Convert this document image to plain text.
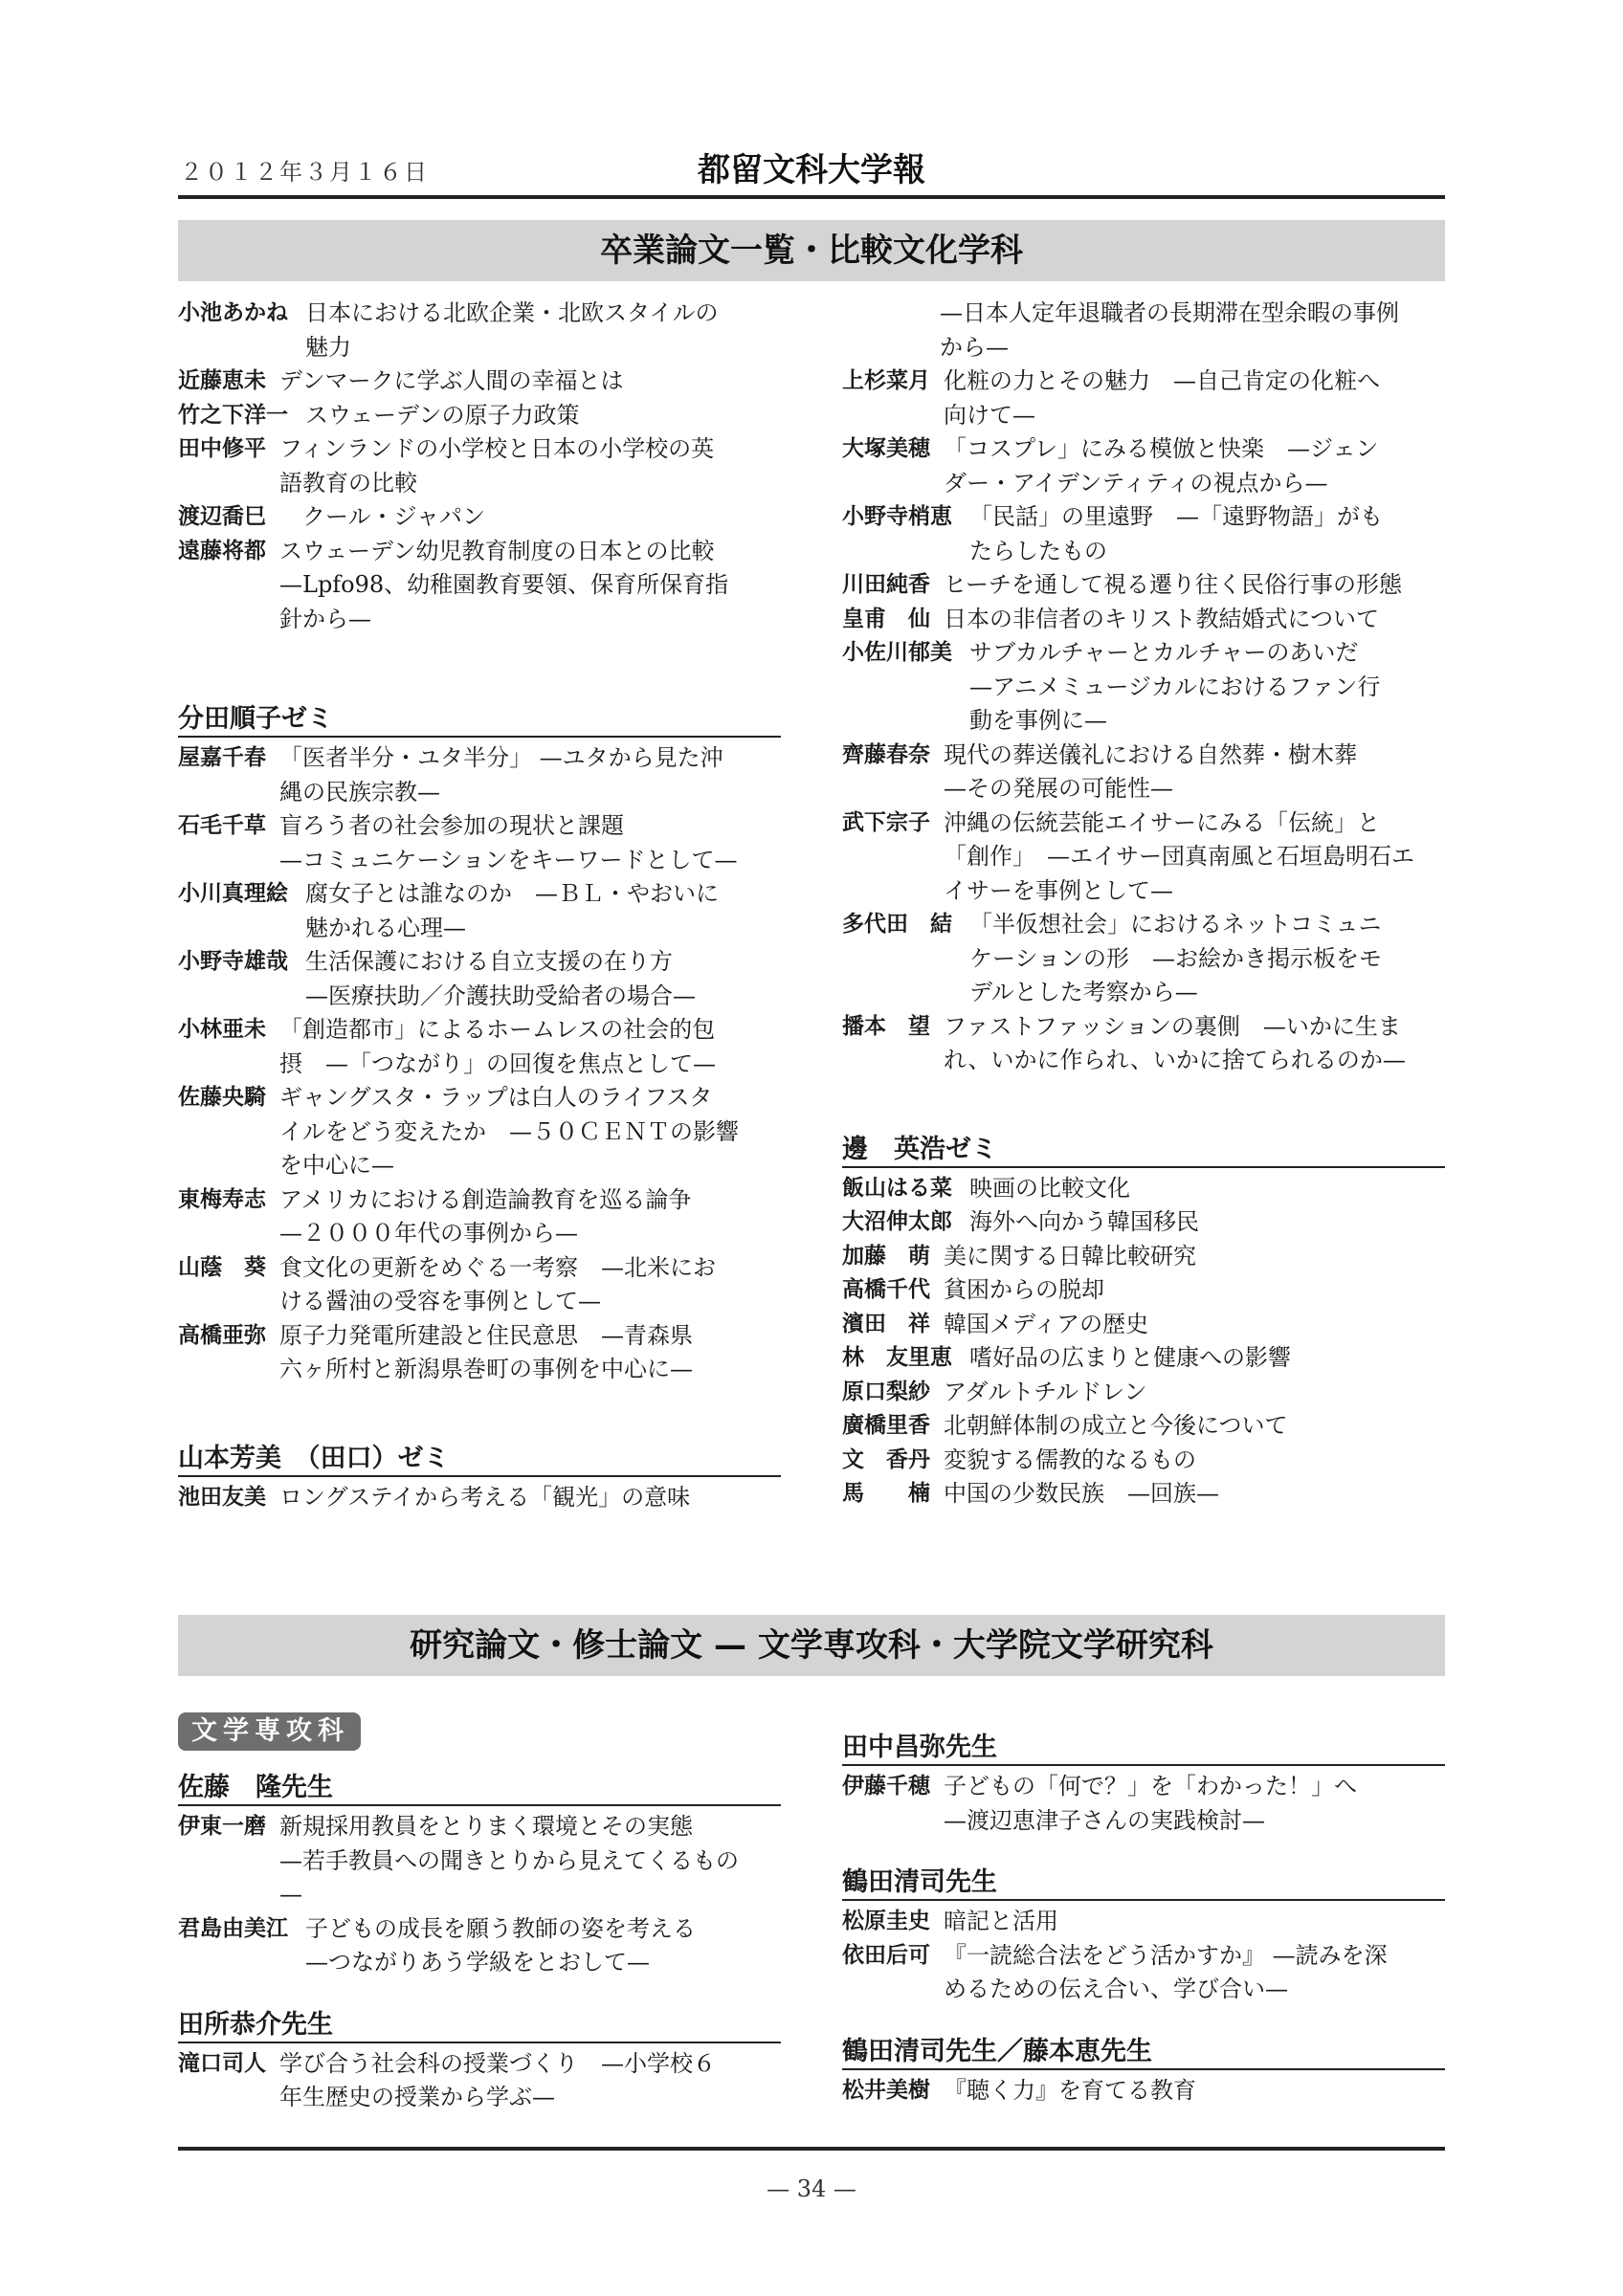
２０１２年３月１６日	都留文科大学報
卒業論文一覧・比較文化学科
小池あかね 日本における北欧企業・北欧スタイルの
魅力
近藤恵未 デンマークに学ぶ人間の幸福とは
竹之下洋一 スウェーデンの原子力政策
田中修平 フィンランドの小学校と日本の小学校の英
語教育の比較
渡辺喬巳 　クール・ジャパン
遠藤将都 スウェーデン幼児教育制度の日本との比較
—Lpfo98、幼稚園教育要領、保育所保育指
針から—
分田順子ゼミ
屋嘉千春 「医者半分・ユタ半分」 —ユタから見た沖
縄の民族宗教—
石毛千草 盲ろう者の社会参加の現状と課題
—コミュニケーションをキーワードとして—
小川真理絵 腐女子とは誰なのか　—ＢＬ・やおいに
魅かれる心理—
小野寺雄哉 生活保護における自立支援の在り方
—医療扶助／介護扶助受給者の場合—
小林亜未 「創造都市」によるホームレスの社会的包
摂　—「つながり」の回復を焦点として—
佐藤央騎 ギャングスタ・ラップは白人のライフスタ
イルをどう変えたか　—５０ＣＥＮＴの影響
を中心に—
東梅寿志 アメリカにおける創造論教育を巡る論争
—２０００年代の事例から—
山蔭　葵 食文化の更新をめぐる一考察　—北米にお
ける醤油の受容を事例として—
高橋亜弥 原子力発電所建設と住民意思　—青森県
六ヶ所村と新潟県巻町の事例を中心に—
山本芳美　（田口）ゼミ
池田友美 ロングステイから考える「観光」の意味
—日本人定年退職者の長期滞在型余暇の事例
から—
上杉菜月 化粧の力とその魅力　—自己肯定の化粧へ
向けて—
大塚美穂 「コスプレ」にみる模倣と快楽　—ジェン
ダー・アイデンティティの視点から—
小野寺梢恵 「民話」の里遠野　—「遠野物語」がも
たらしたもの
川田純香 ヒーチを通して視る遷り往く民俗行事の形態
皇甫　仙 日本の非信者のキリスト教結婚式について
小佐川郁美 サブカルチャーとカルチャーのあいだ
—アニメミュージカルにおけるファン行
動を事例に—
齊藤春奈 現代の葬送儀礼における自然葬・樹木葬
—その発展の可能性—
武下宗子 沖縄の伝統芸能エイサーにみる「伝統」と
「創作」　—エイサー団真南風と石垣島明石エ
イサーを事例として—
多代田　結 「半仮想社会」におけるネットコミュニ
ケーションの形　—お絵かき掲示板をモ
デルとした考察から—
播本　望 ファストファッションの裏側　—いかに生ま
れ、いかに作られ、いかに捨てられるのか—
邊　英浩ゼミ
飯山はる菜 映画の比較文化
大沼伸太郎 海外へ向かう韓国移民
加藤　萌 美に関する日韓比較研究
高橋千代 貧困からの脱却
濱田　祥 韓国メディアの歴史
林　友里恵 嗜好品の広まりと健康への影響
原口梨紗 アダルトチルドレン
廣橋里香 北朝鮮体制の成立と今後について
文　香丹 変貌する儒教的なるもの
馬　　楠 中国の少数民族　—回族—
研究論文・修士論文 — 文学専攻科・大学院文学研究科
文学専攻科
佐藤　隆先生
伊東一磨 新規採用教員をとりまく環境とその実態
—若手教員への聞きとりから見えてくるもの
—
君島由美江 子どもの成長を願う教師の姿を考える
—つながりあう学級をとおして—
田所恭介先生
滝口司人 学び合う社会科の授業づくり　—小学校６
年生歴史の授業から学ぶ—
田中昌弥先生
伊藤千穂 子どもの「何で？」を「わかった！」へ
—渡辺恵津子さんの実践検討—
鶴田清司先生
松原圭史 暗記と活用
依田后可 『一読総合法をどう活かすか』 —読みを深
めるための伝え合い、学び合い—
鶴田清司先生／藤本恵先生
松井美樹 『聴く力』を育てる教育
— 34 —
